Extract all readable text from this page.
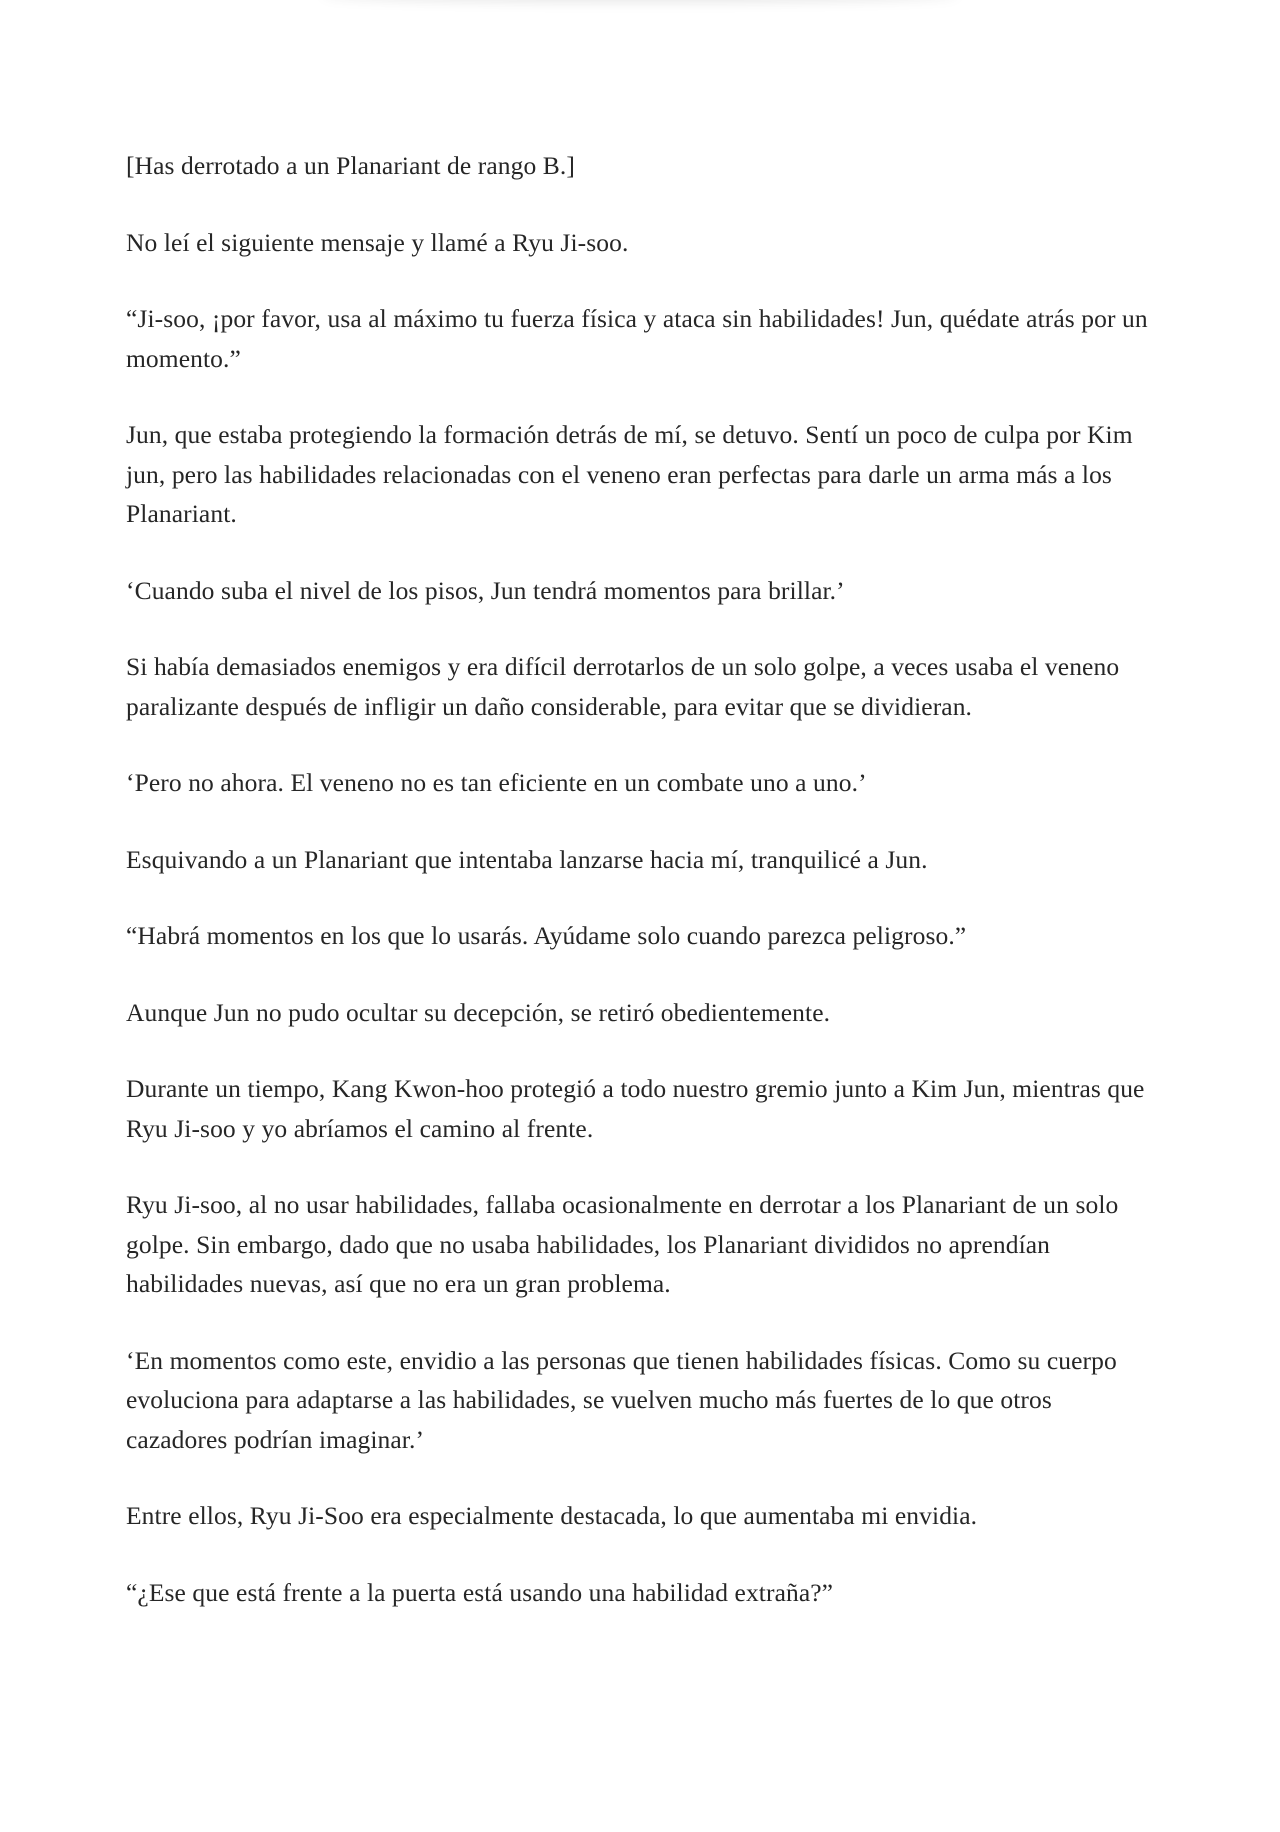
[Has derrotado a un Planariant de rango B.]

No leí el siguiente mensaje y llamé a Ryu Ji-soo.

“Ji-soo, ¡por favor, usa al máximo tu fuerza física y ataca sin habilidades! Jun, quédate atrás por un momento.”

Jun, que estaba protegiendo la formación detrás de mí, se detuvo. Sentí un poco de culpa por Kim jun, pero las habilidades relacionadas con el veneno eran perfectas para darle un arma más a los Planariant.

‘Cuando suba el nivel de los pisos, Jun tendrá momentos para brillar.’

Si había demasiados enemigos y era difícil derrotarlos de un solo golpe, a veces usaba el veneno paralizante después de infligir un daño considerable, para evitar que se dividieran.

‘Pero no ahora. El veneno no es tan eficiente en un combate uno a uno.’

Esquivando a un Planariant que intentaba lanzarse hacia mí, tranquilicé a Jun.

“Habrá momentos en los que lo usarás. Ayúdame solo cuando parezca peligroso.”

Aunque Jun no pudo ocultar su decepción, se retiró obedientemente.

Durante un tiempo, Kang Kwon-hoo protegió a todo nuestro gremio junto a Kim Jun, mientras que Ryu Ji-soo y yo abríamos el camino al frente.

Ryu Ji-soo, al no usar habilidades, fallaba ocasionalmente en derrotar a los Planariant de un solo golpe. Sin embargo, dado que no usaba habilidades, los Planariant divididos no aprendían habilidades nuevas, así que no era un gran problema.

‘En momentos como este, envidio a las personas que tienen habilidades físicas. Como su cuerpo evoluciona para adaptarse a las habilidades, se vuelven mucho más fuertes de lo que otros cazadores podrían imaginar.’

Entre ellos, Ryu Ji-Soo era especialmente destacada, lo que aumentaba mi envidia.

“¿Ese que está frente a la puerta está usando una habilidad extraña?”
